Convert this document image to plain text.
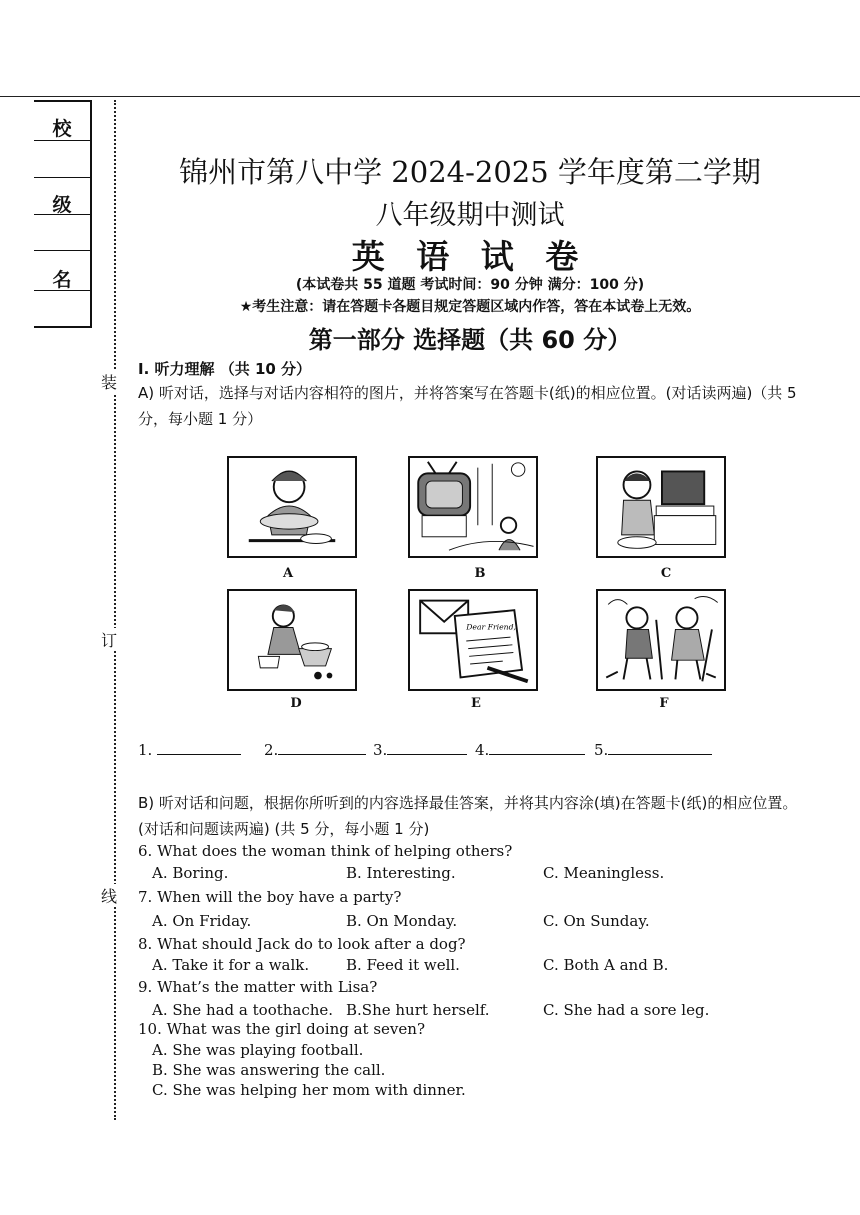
校
级
名
装
订
线
锦州市第八中学 2024-2025 学年度第二学期
八年级期中测试
英 语 试 卷
(本试卷共 55 道题 考试时间：90 分钟 满分：100 分)
★考生注意：请在答题卡各题目规定答题区域内作答，答在本试卷上无效。
第一部分 选择题（共 60 分）
I. 听力理解 （共 10 分）
A) 听对话，选择与对话内容相符的图片，并将答案写在答题卡(纸)的相应位置。(对话读两遍)（共 5 分，每小题 1 分）
A	B	C
D
Dear Friend,
E	F
1.	2.	3.	4.	5.
B) 听对话和问题，根据你所听到的内容选择最佳答案，并将其内容涂(填)在答题卡(纸)的相应位置。(对话和问题读两遍) (共 5 分，每小题 1 分)
6. What does the woman think of helping others?
A. Boring.	B. Interesting.	C. Meaningless.
7. When will the boy have a party?
A. On Friday.	B. On Monday.	C. On Sunday.
8. What should Jack do to look after a dog?
A. Take it for a walk. B. Feed it well.	C. Both A and B.
9. What’s the matter with Lisa?
A. She had a toothache. B.She hurt herself.	C. She had a sore leg.
10. What was the girl doing at seven?
A. She was playing football.
B. She was answering the call.
C. She was helping her mom with dinner.
